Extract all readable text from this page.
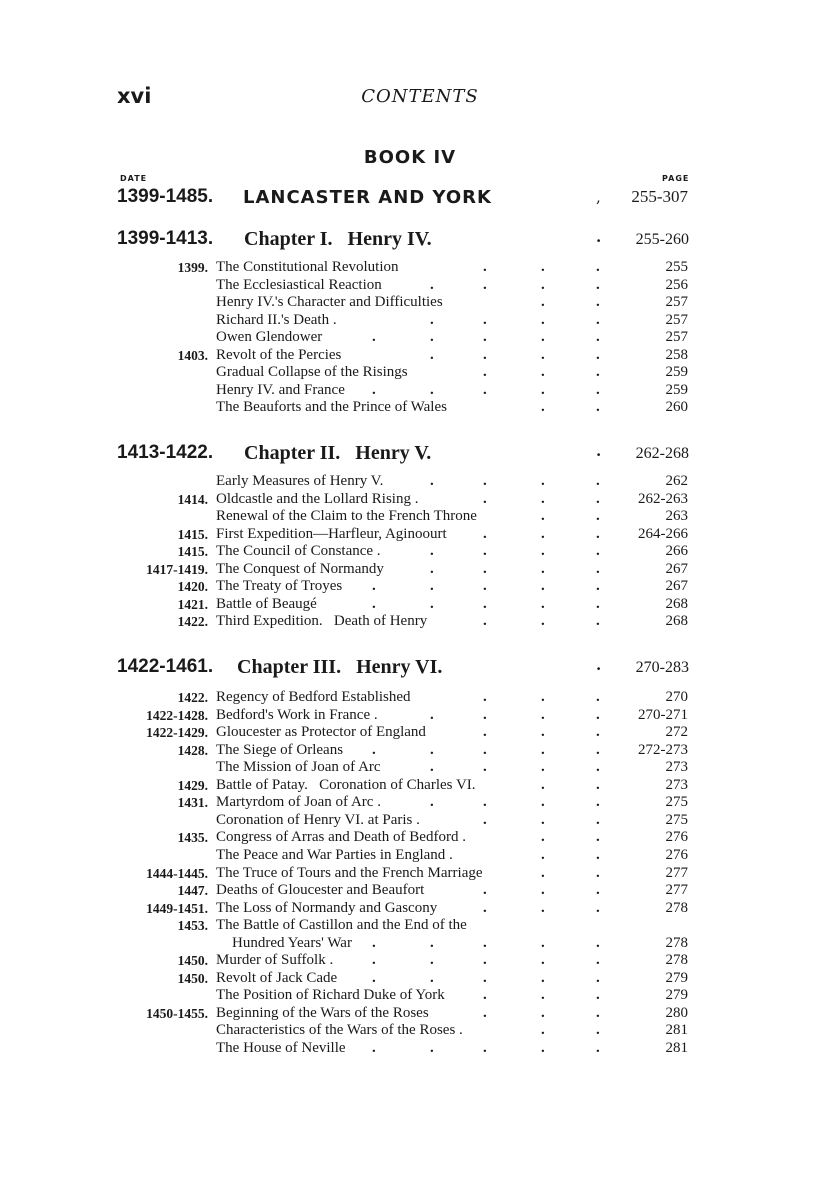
xvi	CONTENTS
BOOK IV
DATE	PAGE
1399-1485. LANCASTER AND YORK	, 255-307
1399-1413. Chapter I.   Henry IV.	. 255-260
1399. The Constitutional Revolution	255
.	.	.
The Ecclesiastical Reaction	256
.	.	.	.
Henry IV.'s Character and Difficulties	257
.	.
Richard II.'s Death .	257
.	.	.	.
Owen Glendower	257
.	.	.	.	.
1403. Revolt of the Percies	258
.	.	.	.
Gradual Collapse of the Risings	259
.	.	.
Henry IV. and France	259
.	.	.	.	.
The Beauforts and the Prince of Wales	260
.	.
1413-1422. Chapter II.   Henry V.	. 262-268
Early Measures of Henry V.	262
.	.	.	.
1414. Oldcastle and the Lollard Rising .	262-263
.	.	.
Renewal of the Claim to the French Throne	263
.	.
1415. First Expedition—Harfleur, Aginoourt	264-266
.	.	.
1415. The Council of Constance .	266
.	.	.	.
1417-1419. The Conquest of Normandy	267
.	.	.	.
1420. The Treaty of Troyes	267
.	.	.	.	.
1421. Battle of Beaugé	268
.	.	.	.	.
1422. Third Expedition.   Death of Henry	268
.	.	.
1422-1461. Chapter III.   Henry VI.	. 270-283
1422. Regency of Bedford Established	270
.	.	.
1422-1428. Bedford's Work in France .	270-271
.	.	.	.
1422-1429. Gloucester as Protector of England	272
.	.	.
1428. The Siege of Orleans	272-273
.	.	.	.	.
The Mission of Joan of Arc	273
.	.	.	.
1429. Battle of Patay.   Coronation of Charles VI.	273
.	.
1431. Martyrdom of Joan of Arc .	275
.	.	.	.
Coronation of Henry VI. at Paris .	275
.	.	.
1435. Congress of Arras and Death of Bedford .	276
.	.
The Peace and War Parties in England .	276
.	.
1444-1445. The Truce of Tours and the French Marriage	277
.	.
1447. Deaths of Gloucester and Beaufort	277
.	.	.
1449-1451. The Loss of Normandy and Gascony	278
.	.	.
1453. The Battle of Castillon and the End of the
Hundred Years' War	278
.	.	.	.	.
1450. Murder of Suffolk .	278
.	.	.	.	.
1450. Revolt of Jack Cade	279
.	.	.	.	.
The Position of Richard Duke of York	279
.	.	.
1450-1455. Beginning of the Wars of the Roses	280
.	.	.
Characteristics of the Wars of the Roses .	281
.	.
The House of Neville	281
.	.	.	.	.
